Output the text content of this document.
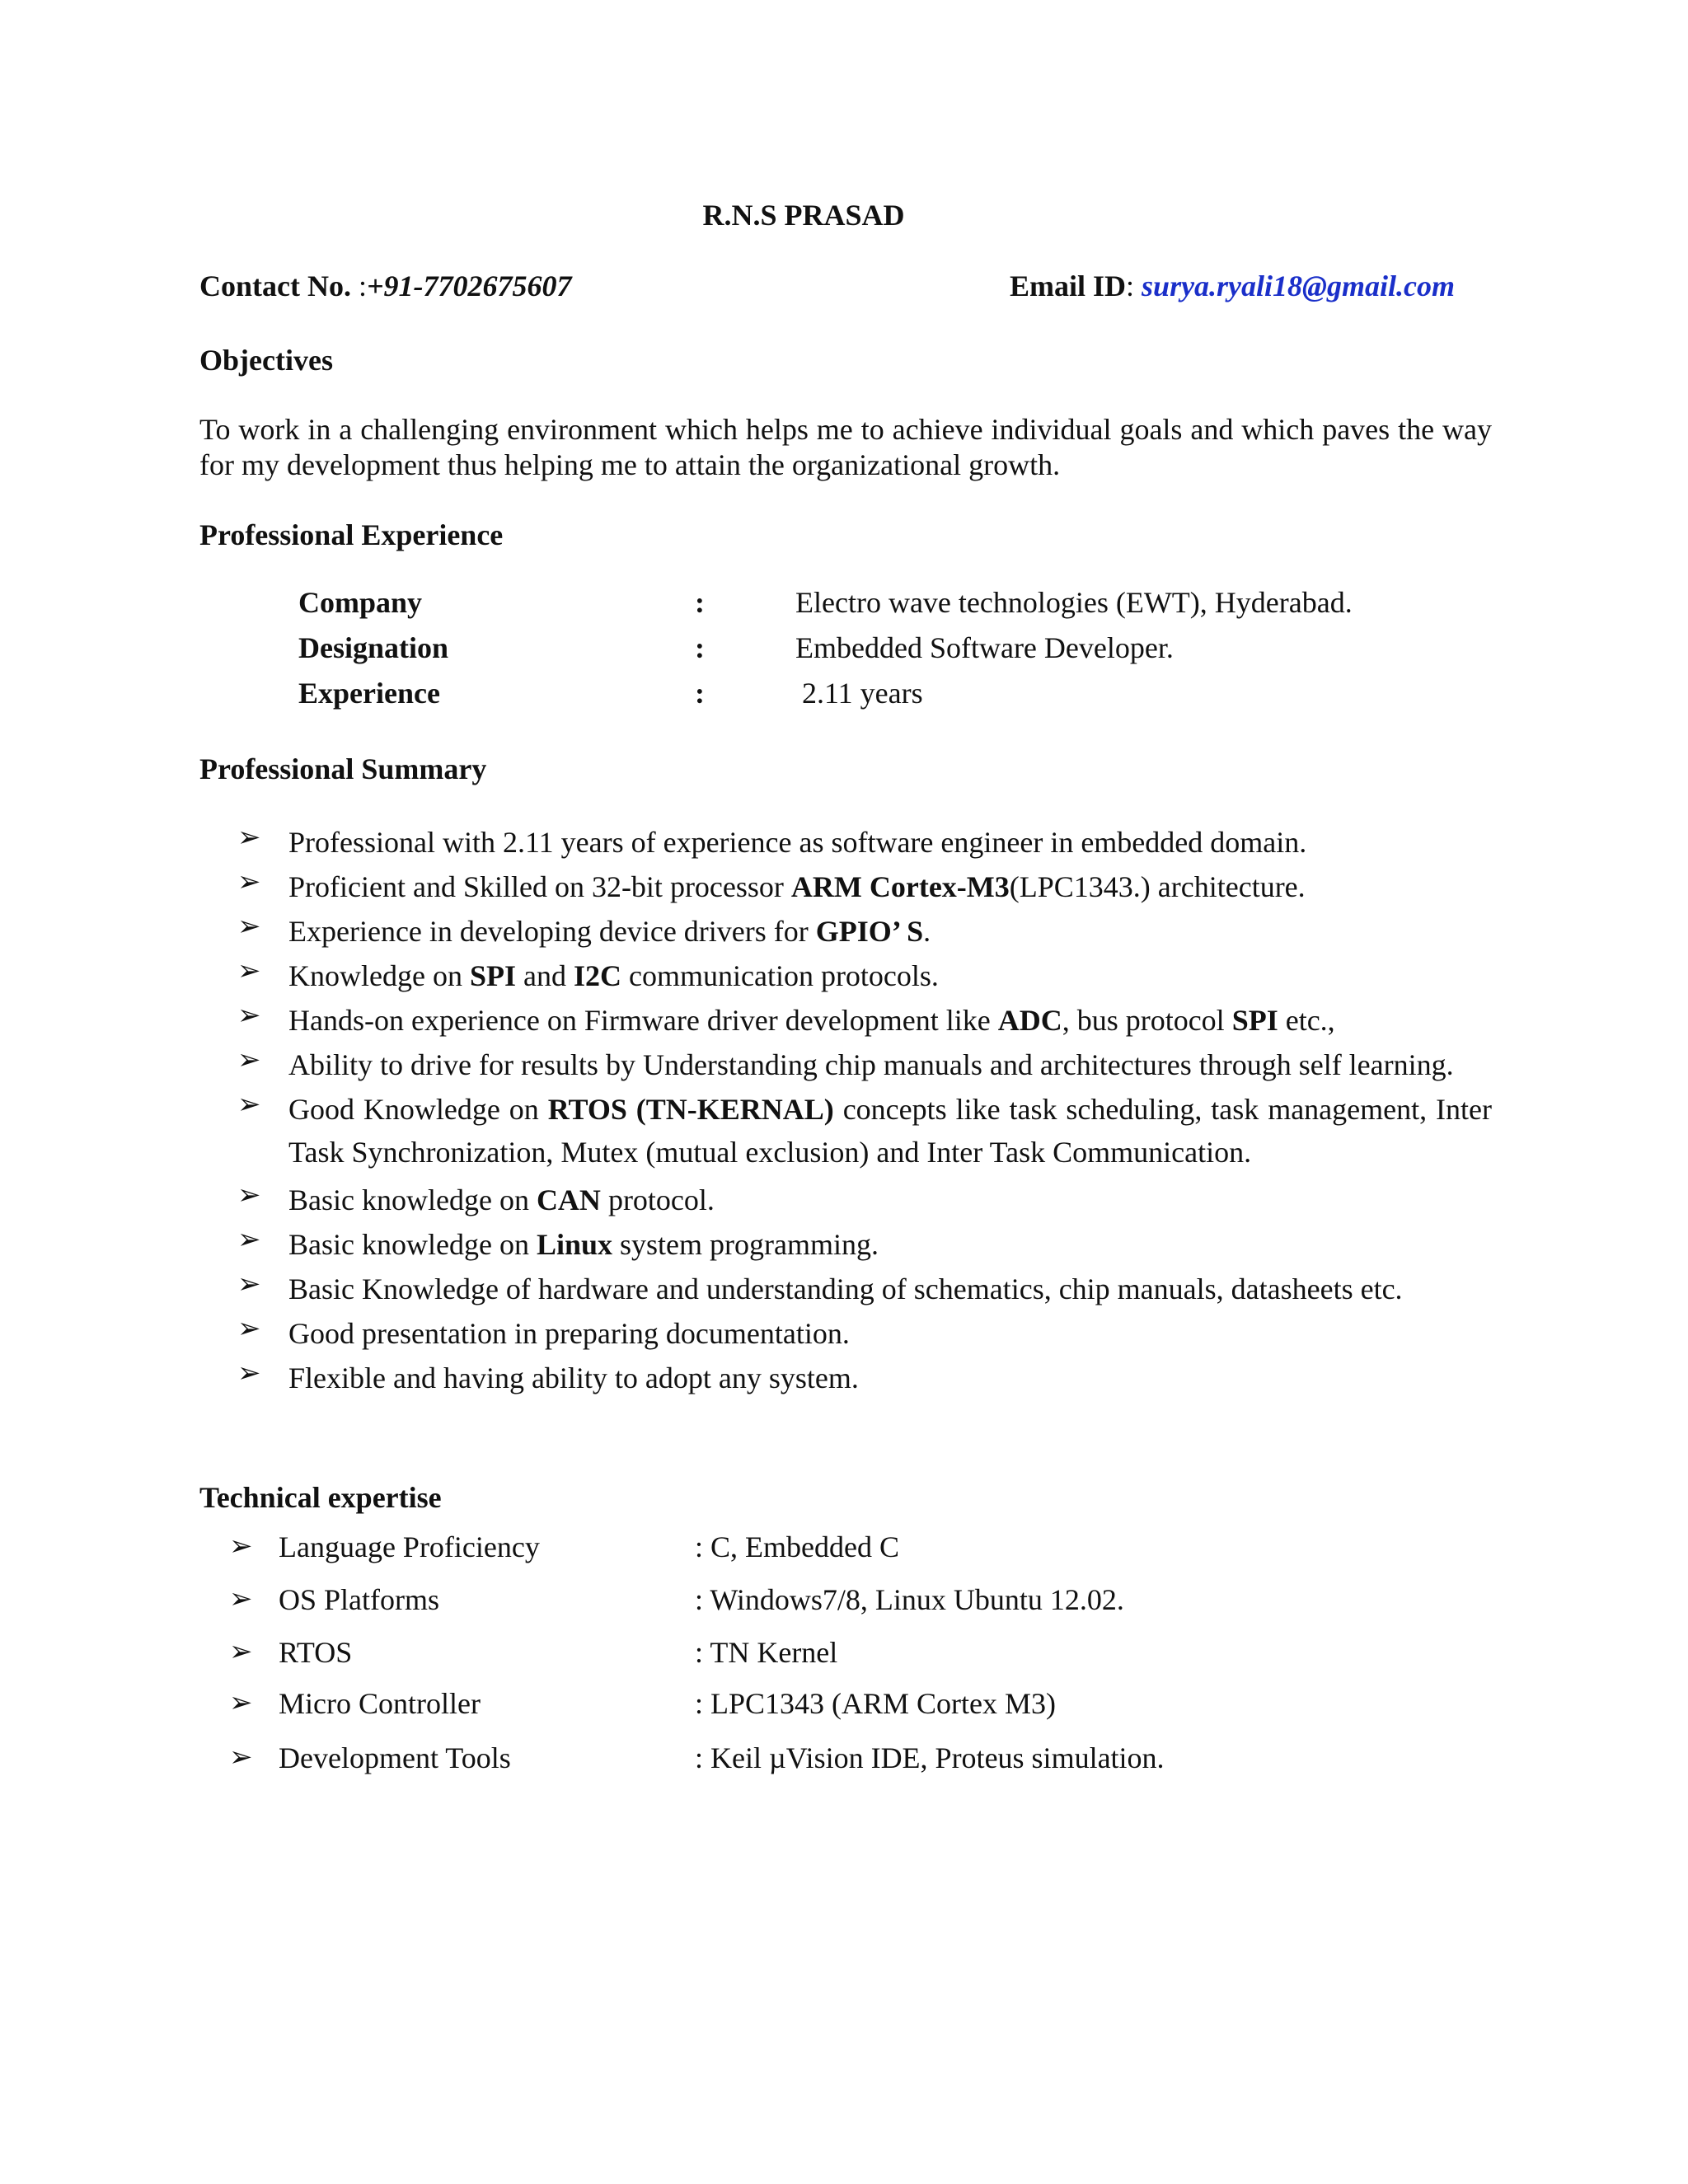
R.N.S PRASAD
Contact No. :+91-7702675607	Email ID: surya.ryali18@gmail.com
Objectives
To work in a challenging environment which helps me to achieve individual goals and which paves the way for my development thus helping me to attain the organizational growth.
Professional Experience
Company	:	Electro wave technologies (EWT), Hyderabad.
Designation	:	Embedded Software Developer.
Experience	:	2.11 years
Professional Summary
➢ Professional with 2.11 years of experience as software engineer in embedded domain.
➢ Proficient and Skilled on 32-bit processor ARM Cortex-M3(LPC1343.) architecture.
➢ Experience in developing device drivers for GPIO’ S.
➢ Knowledge on SPI and I2C communication protocols.
➢ Hands-on experience on Firmware driver development like ADC, bus protocol SPI etc.,
➢ Ability to drive for results by Understanding chip manuals and architectures through self learning.
➢ Good Knowledge on RTOS (TN-KERNAL) concepts like task scheduling, task management, Inter Task Synchronization, Mutex (mutual exclusion) and Inter Task Communication.
➢ Basic knowledge on CAN protocol.
➢ Basic knowledge on Linux system programming.
➢ Basic Knowledge of hardware and understanding of schematics, chip manuals, datasheets etc.
➢ Good presentation in preparing documentation.
➢ Flexible and having ability to adopt any system.
Technical expertise
➢ Language Proficiency	: C, Embedded C
➢ OS Platforms	: Windows7/8, Linux Ubuntu 12.02.
➢ RTOS	: TN Kernel
➢ Micro Controller	: LPC1343 (ARM Cortex M3)
➢ Development Tools	: Keil µVision IDE, Proteus simulation.
